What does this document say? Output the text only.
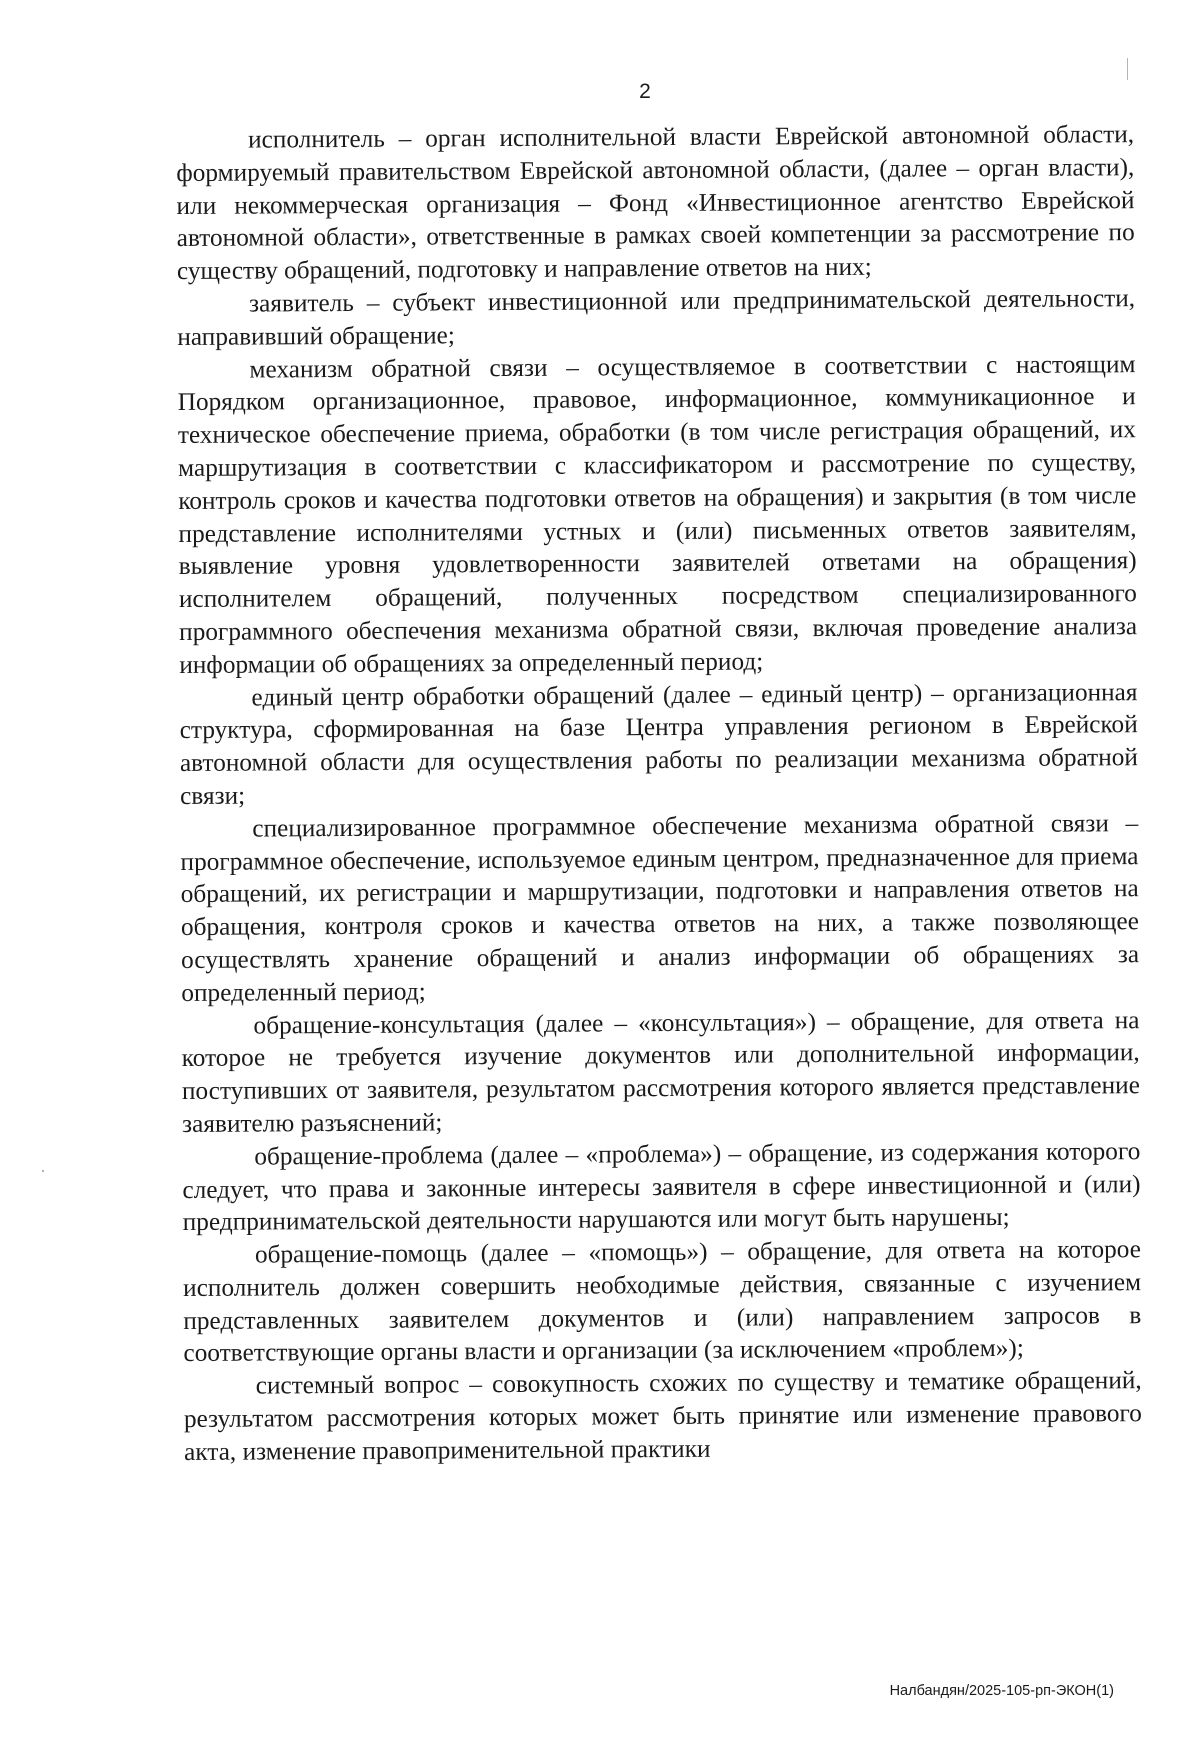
2

исполнитель – орган исполнительной власти Еврейской автономной области, формируемый правительством Еврейской автономной области, (далее – орган власти), или некоммерческая организация – Фонд «Инвестиционное агентство Еврейской автономной области», ответственные в рамках своей компетенции за рассмотрение по существу обращений, подготовку и направление ответов на них;

заявитель – субъект инвестиционной или предпринимательской деятельности, направивший обращение;

механизм обратной связи – осуществляемое в соответствии с настоящим Порядком организационное, правовое, информационное, коммуникационное и техническое обеспечение приема, обработки (в том числе регистрация обращений, их маршрутизация в соответствии с классификатором и рассмотрение по существу, контроль сроков и качества подготовки ответов на обращения) и закрытия (в том числе представление исполнителями устных и (или) письменных ответов заявителям, выявление уровня удовлетворенности заявителей ответами на обращения) исполнителем обращений, полученных посредством специализированного программного обеспечения механизма обратной связи, включая проведение анализа информации об обращениях за определенный период;

единый центр обработки обращений (далее – единый центр) – организационная структура, сформированная на базе Центра управления регионом в Еврейской автономной области для осуществления работы по реализации механизма обратной связи;

специализированное программное обеспечение механизма обратной связи – программное обеспечение, используемое единым центром, предназначенное для приема обращений, их регистрации и маршрутизации, подготовки и направления ответов на обращения, контроля сроков и качества ответов на них, а также позволяющее осуществлять хранение обращений и анализ информации об обращениях за определенный период;

обращение-консультация (далее – «консультация») – обращение, для ответа на которое не требуется изучение документов или дополнительной информации, поступивших от заявителя, результатом рассмотрения которого является представление заявителю разъяснений;

обращение-проблема (далее – «проблема») – обращение, из содержания которого следует, что права и законные интересы заявителя в сфере инвестиционной и (или) предпринимательской деятельности нарушаются или могут быть нарушены;

обращение-помощь (далее – «помощь») – обращение, для ответа на которое исполнитель должен совершить необходимые действия, связанные с изучением представленных заявителем документов и (или) направлением запросов в соответствующие органы власти и организации (за исключением «проблем»);

системный вопрос – совокупность схожих по существу и тематике обращений, результатом рассмотрения которых может быть принятие или изменение правового акта, изменение правоприменительной практики

Налбандян/2025-105-рп-ЭКОН(1)
